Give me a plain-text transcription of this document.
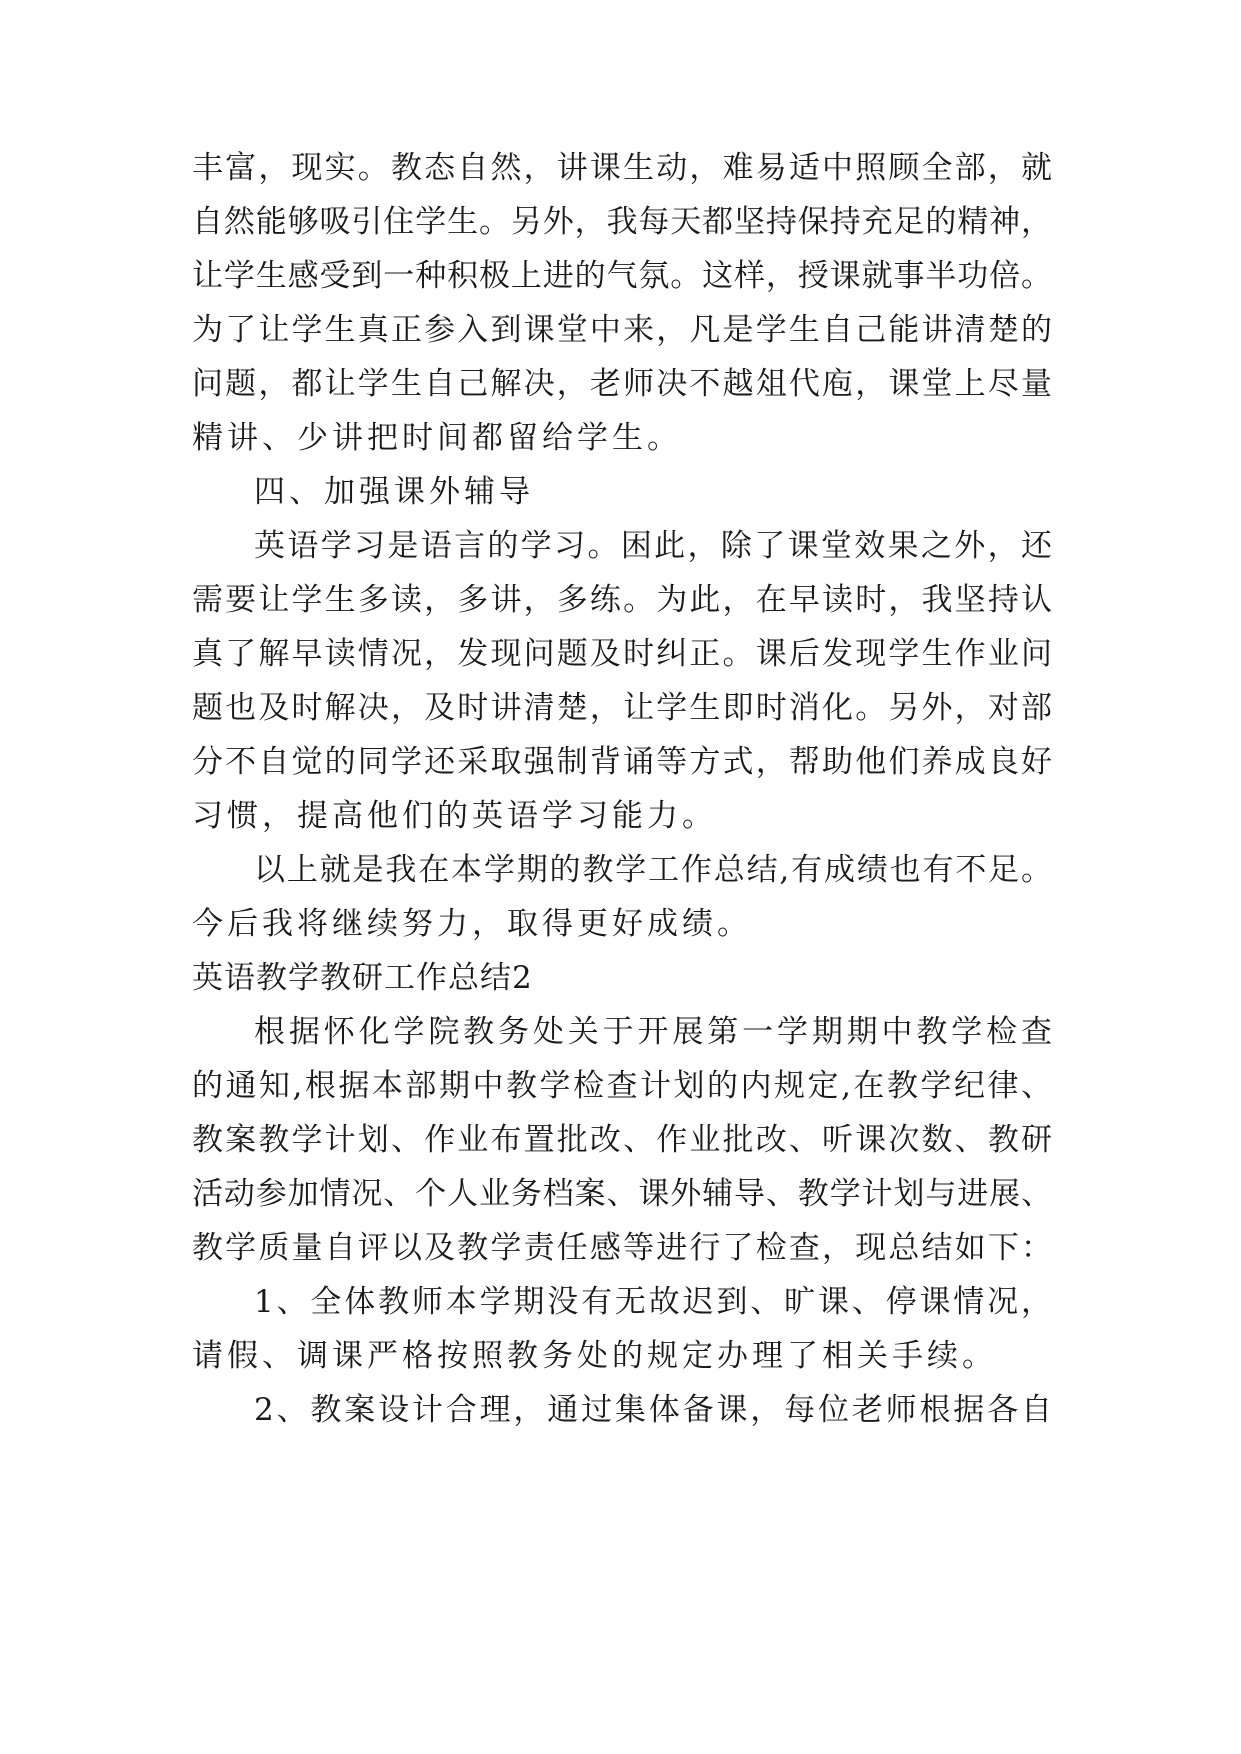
丰富，现实。教态自然，讲课生动，难易适中照顾全部，就
自然能够吸引住学生。另外，我每天都坚持保持充足的精神，
让学生感受到一种积极上进的气氛。这样，授课就事半功倍。
为了让学生真正参入到课堂中来，凡是学生自己能讲清楚的
问题，都让学生自己解决，老师决不越俎代庖，课堂上尽量
精讲、少讲把时间都留给学生。
四、加强课外辅导
英语学习是语言的学习。困此，除了课堂效果之外，还
需要让学生多读，多讲，多练。为此，在早读时，我坚持认
真了解早读情况，发现问题及时纠正。课后发现学生作业问
题也及时解决，及时讲清楚，让学生即时消化。另外，对部
分不自觉的同学还采取强制背诵等方式，帮助他们养成良好
习惯，提高他们的英语学习能力。
以上就是我在本学期的教学工作总结,有成绩也有不足。
今后我将继续努力，取得更好成绩。
英语教学教研工作总结2
根据怀化学院教务处关于开展第一学期期中教学检查
的通知,根据本部期中教学检查计划的内规定,在教学纪律、
教案教学计划、作业布置批改、作业批改、听课次数、教研
活动参加情况、个人业务档案、课外辅导、教学计划与进展、
教学质量自评以及教学责任感等进行了检查，现总结如下：
1、全体教师本学期没有无故迟到、旷课、停课情况，
请假、调课严格按照教务处的规定办理了相关手续。
2、教案设计合理，通过集体备课，每位老师根据各自
